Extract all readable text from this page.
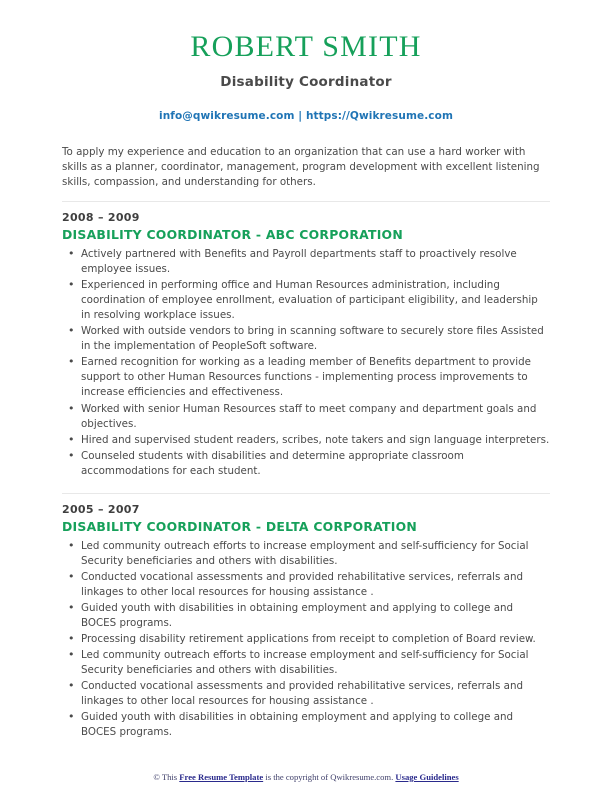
ROBERT SMITH
Disability Coordinator
info@qwikresume.com | https://Qwikresume.com
To apply my experience and education to an organization that can use a hard worker with skills as a planner, coordinator, management, program development with excellent listening skills, compassion, and understanding for others.
2008 – 2009
DISABILITY COORDINATOR - ABC CORPORATION
• Actively partnered with Benefits and Payroll departments staff to proactively resolve employee issues.
• Experienced in performing office and Human Resources administration, including coordination of employee enrollment, evaluation of participant eligibility, and leadership in resolving workplace issues.
• Worked with outside vendors to bring in scanning software to securely store files Assisted in the implementation of PeopleSoft software.
• Earned recognition for working as a leading member of Benefits department to provide support to other Human Resources functions - implementing process improvements to increase efficiencies and effectiveness.
• Worked with senior Human Resources staff to meet company and department goals and objectives.
• Hired and supervised student readers, scribes, note takers and sign language interpreters.
• Counseled students with disabilities and determine appropriate classroom accommodations for each student.
2005 – 2007
DISABILITY COORDINATOR - DELTA CORPORATION
• Led community outreach efforts to increase employment and self-sufficiency for Social Security beneficiaries and others with disabilities.
• Conducted vocational assessments and provided rehabilitative services, referrals and linkages to other local resources for housing assistance .
• Guided youth with disabilities in obtaining employment and applying to college and BOCES programs.
• Processing disability retirement applications from receipt to completion of Board review.
• Led community outreach efforts to increase employment and self-sufficiency for Social Security beneficiaries and others with disabilities.
• Conducted vocational assessments and provided rehabilitative services, referrals and linkages to other local resources for housing assistance .
• Guided youth with disabilities in obtaining employment and applying to college and BOCES programs.
© This Free Resume Template is the copyright of Qwikresume.com. Usage Guidelines
